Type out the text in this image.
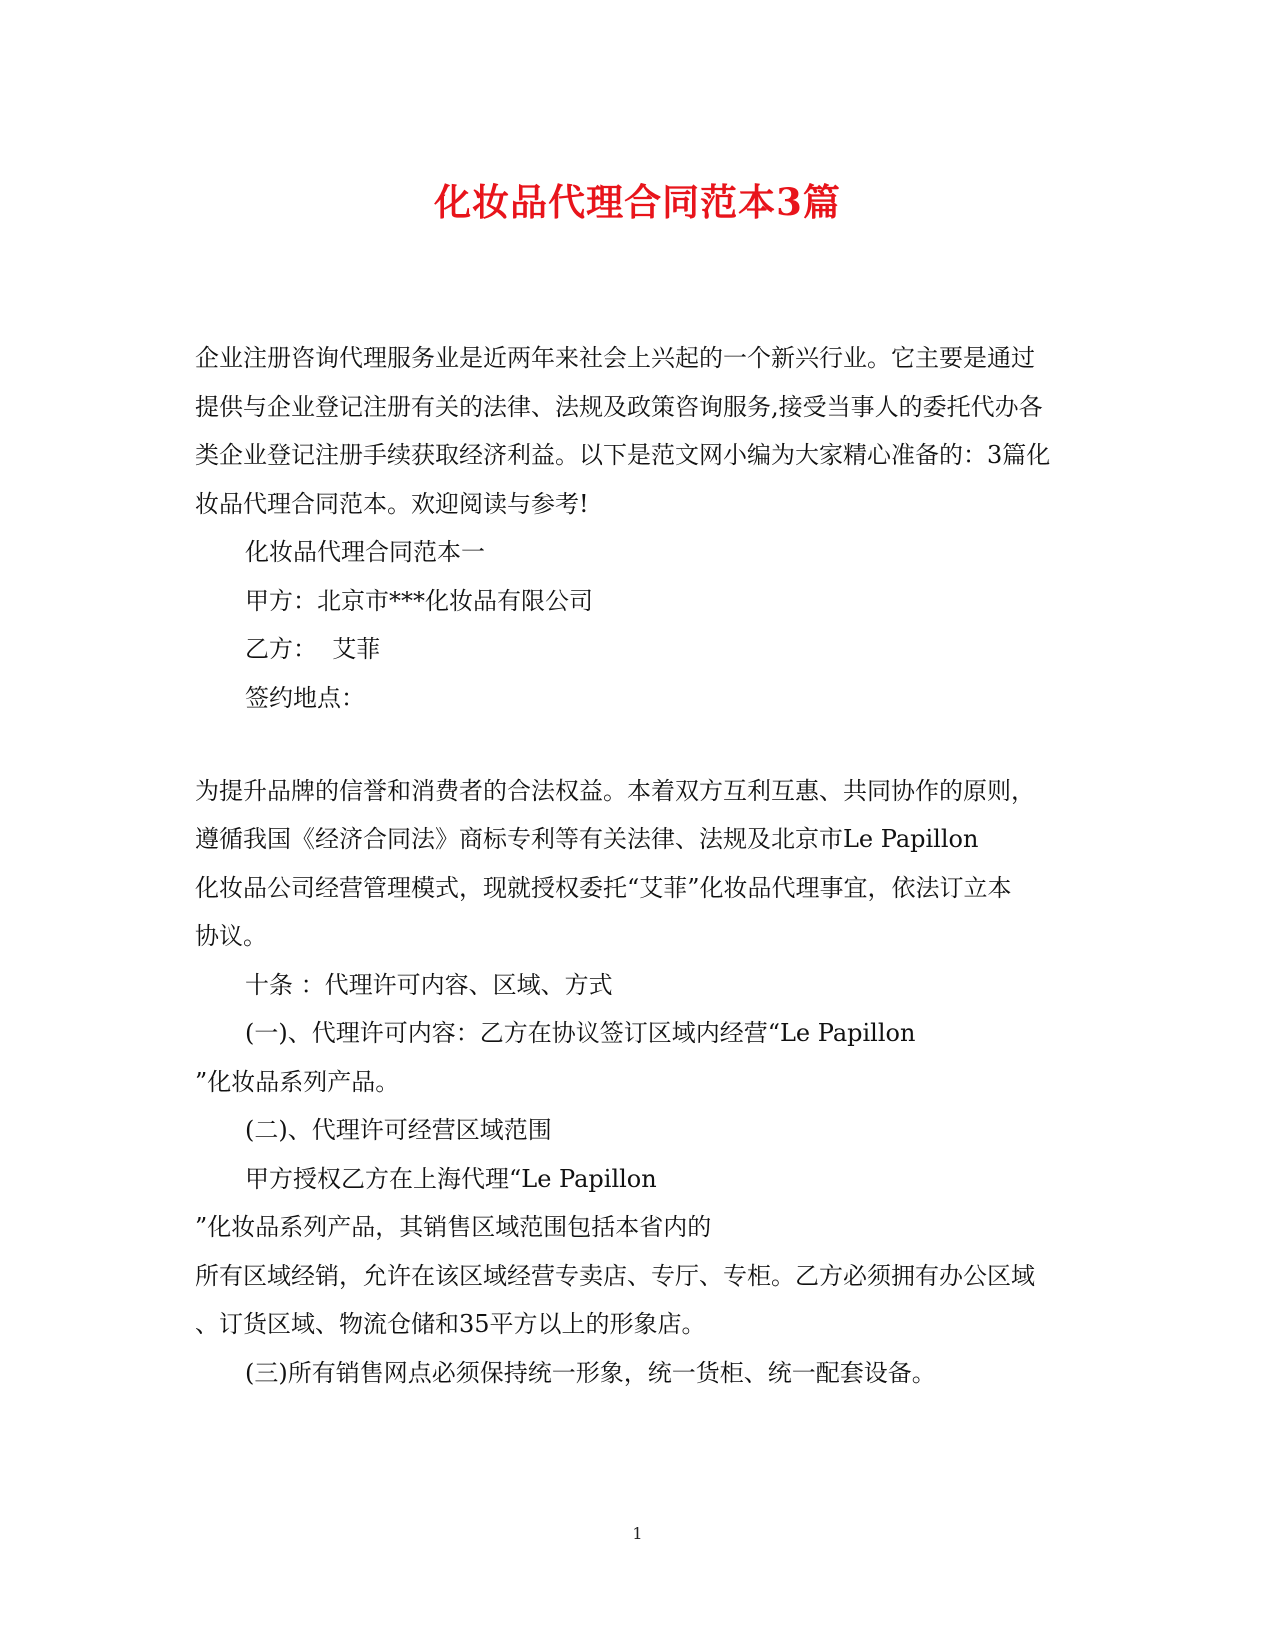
化妆品代理合同范本3篇
企业注册咨询代理服务业是近两年来社会上兴起的一个新兴行业。它主要是通过
提供与企业登记注册有关的法律、法规及政策咨询服务,接受当事人的委托代办各
类企业登记注册手续获取经济利益。以下是范文网小编为大家精心准备的：3篇化
妆品代理合同范本。欢迎阅读与参考!
化妆品代理合同范本一
甲方：北京市***化妆品有限公司
乙方：  艾菲
签约地点：
为提升品牌的信誉和消费者的合法权益。本着双方互利互惠、共同协作的原则，
遵循我国《经济合同法》商标专利等有关法律、法规及北京市Le Papillon
化妆品公司经营管理模式，现就授权委托“艾菲”化妆品代理事宜，依法订立本
协议。
十条 ：代理许可内容、区域、方式
(一)、代理许可内容：乙方在协议签订区域内经营“Le Papillon
”化妆品系列产品。
(二)、代理许可经营区域范围
甲方授权乙方在上海代理“Le Papillon
”化妆品系列产品，其销售区域范围包括本省内的
所有区域经销，允许在该区域经营专卖店、专厅、专柜。乙方必须拥有办公区域
、订货区域、物流仓储和35平方以上的形象店。
(三)所有销售网点必须保持统一形象，统一货柜、统一配套设备。
1
